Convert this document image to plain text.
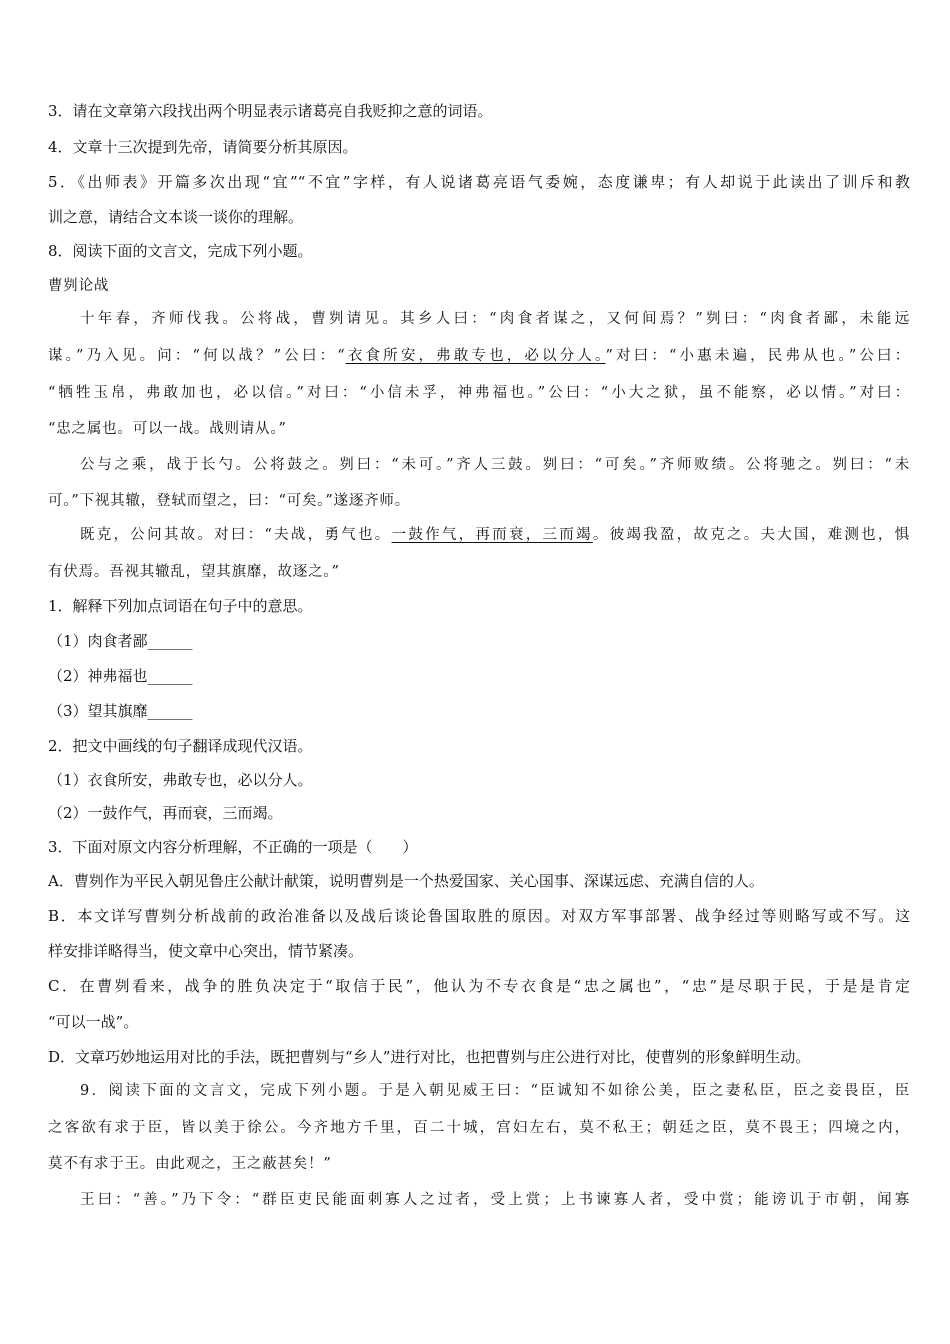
3．请在文章第六段找出两个明显表示诸葛亮自我贬抑之意的词语。
4．文章十三次提到先帝，请简要分析其原因。
5．《出师表》开篇多次出现“宜”“不宜”字样，有人说诸葛亮语气委婉，态度谦卑；有人却说于此读出了训斥和教
训之意，请结合文本谈一谈你的理解。
8．阅读下面的文言文，完成下列小题。
曹刿论战
十年春，齐师伐我。公将战，曹刿请见。其乡人曰：“肉食者谋之，又何间焉？”刿曰：“肉食者鄙，未能远
谋。”乃入见。问：“何以战？”公曰：“衣食所安，弗敢专也，必以分人。”对曰：“小惠未遍，民弗从也。”公曰：
“牺牲玉帛，弗敢加也，必以信。”对曰：“小信未孚，神弗福也。”公曰：“小大之狱，虽不能察，必以情。”对曰：
“忠之属也。可以一战。战则请从。”
公与之乘，战于长勺。公将鼓之。刿曰：“未可。”齐人三鼓。刿曰：“可矣。”齐师败绩。公将驰之。刿曰：“未
可。”下视其辙，登轼而望之，曰：“可矣。”遂逐齐师。
既克，公问其故。对曰：“夫战，勇气也。一鼓作气，再而衰，三而竭。彼竭我盈，故克之。夫大国，难测也，惧
有伏焉。吾视其辙乱，望其旗靡，故逐之。”
1．解释下列加点词语在句子中的意思。
（1）肉食者鄙______
（2）神弗福也______
（3）望其旗靡______
2．把文中画线的句子翻译成现代汉语。
（1）衣食所安，弗敢专也，必以分人。
（2）一鼓作气，再而衰，三而竭。
3．下面对原文内容分析理解，不正确的一项是（　　）
A．曹刿作为平民入朝见鲁庄公献计献策，说明曹刿是一个热爱国家、关心国事、深谋远虑、充满自信的人。
B．本文详写曹刿分析战前的政治准备以及战后谈论鲁国取胜的原因。对双方军事部署、战争经过等则略写或不写。这
样安排详略得当，使文章中心突出，情节紧凑。
C．在曹刿看来，战争的胜负决定于“取信于民”，他认为不专衣食是“忠之属也”，“忠”是尽职于民，于是是肯定
“可以一战”。
D．文章巧妙地运用对比的手法，既把曹刿与“乡人”进行对比，也把曹刿与庄公进行对比，使曹刿的形象鲜明生动。
9．阅读下面的文言文，完成下列小题。于是入朝见威王曰：“臣诚知不如徐公美，臣之妻私臣，臣之妾畏臣，臣
之客欲有求于臣，皆以美于徐公。今齐地方千里，百二十城，宫妇左右，莫不私王；朝廷之臣，莫不畏王；四境之内，
莫不有求于王。由此观之，王之蔽甚矣！”
王曰：“善。”乃下令：“群臣吏民能面刺寡人之过者，受上赏；上书谏寡人者，受中赏；能谤讥于市朝，闻寡
